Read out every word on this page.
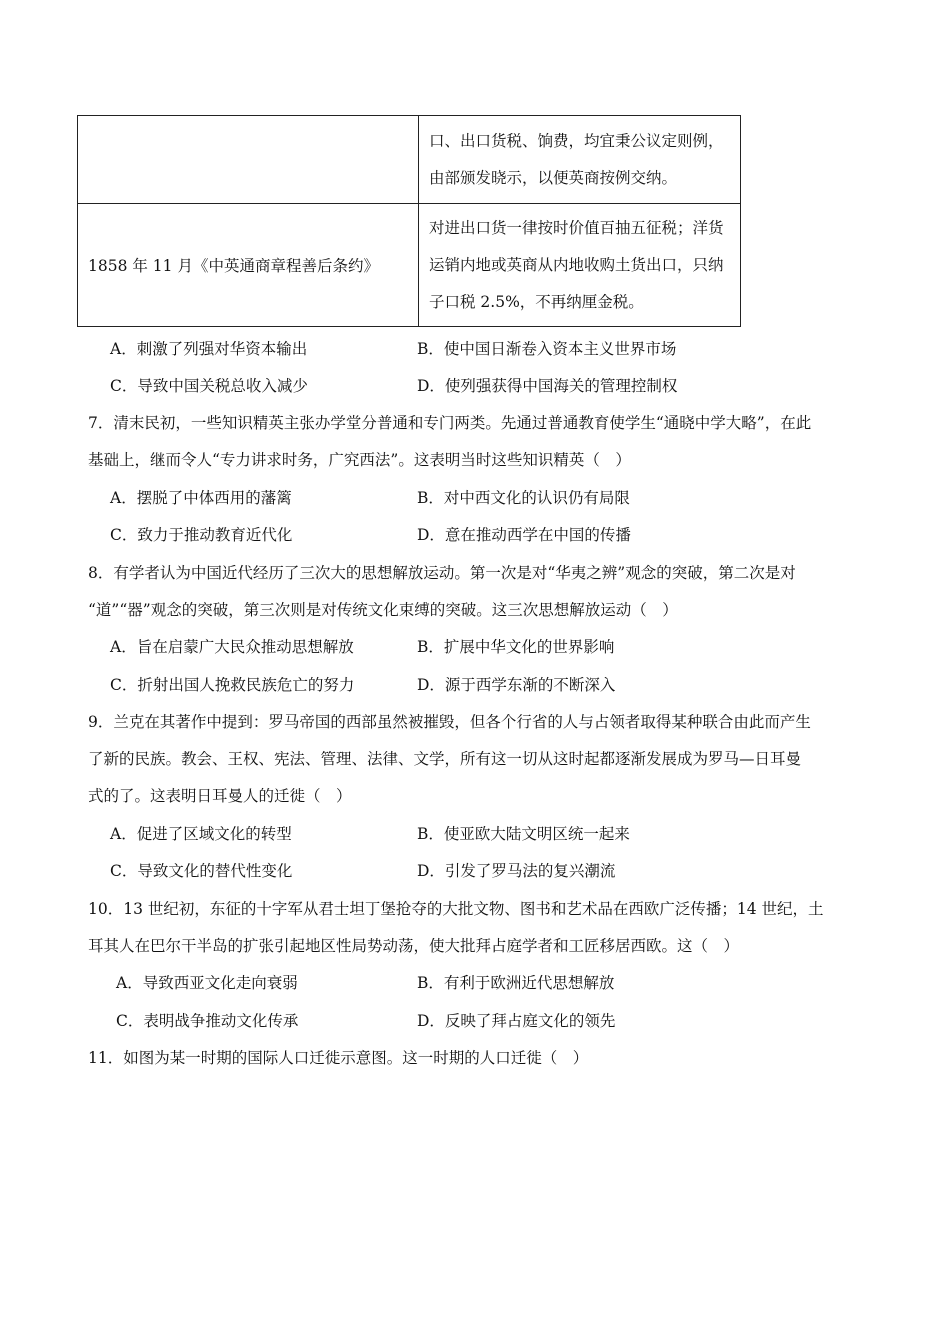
	口、出口货税、饷费，均宜秉公议定则例，
由部颁发晓示，以便英商按例交纳。

1858 年 11 月《中英通商章程善后条约》	对进出口货一律按时价值百抽五征税；洋货
运销内地或英商从内地收购土货出口，只纳
子口税 2.5%，不再纳厘金税。
A．刺激了列强对华资本输出	B．使中国日渐卷入资本主义世界市场
C．导致中国关税总收入减少	D．使列强获得中国海关的管理控制权
7．清末民初，一些知识精英主张办学堂分普通和专门两类。先通过普通教育使学生“通晓中学大略”，在此
基础上，继而令人“专力讲求时务，广究西法”。这表明当时这些知识精英（　）
A．摆脱了中体西用的藩篱	B．对中西文化的认识仍有局限
C．致力于推动教育近代化	D．意在推动西学在中国的传播
8．有学者认为中国近代经历了三次大的思想解放运动。第一次是对“华夷之辨”观念的突破，第二次是对
“道”“器”观念的突破，第三次则是对传统文化束缚的突破。这三次思想解放运动（　）
A．旨在启蒙广大民众推动思想解放	B．扩展中华文化的世界影响
C．折射出国人挽救民族危亡的努力	D．源于西学东渐的不断深入
9．兰克在其著作中提到：罗马帝国的西部虽然被摧毁，但各个行省的人与占领者取得某种联合由此而产生
了新的民族。教会、王权、宪法、管理、法律、文学，所有这一切从这时起都逐渐发展成为罗马—日耳曼
式的了。这表明日耳曼人的迁徙（　）
A．促进了区域文化的转型	B．使亚欧大陆文明区统一起来
C．导致文化的替代性变化	D．引发了罗马法的复兴潮流
10．13 世纪初，东征的十字军从君士坦丁堡抢夺的大批文物、图书和艺术品在西欧广泛传播；14 世纪，土
耳其人在巴尔干半岛的扩张引起地区性局势动荡，使大批拜占庭学者和工匠移居西欧。这（　）
A．导致西亚文化走向衰弱	B．有利于欧洲近代思想解放
C．表明战争推动文化传承	D．反映了拜占庭文化的领先
11．如图为某一时期的国际人口迁徙示意图。这一时期的人口迁徙（　）
